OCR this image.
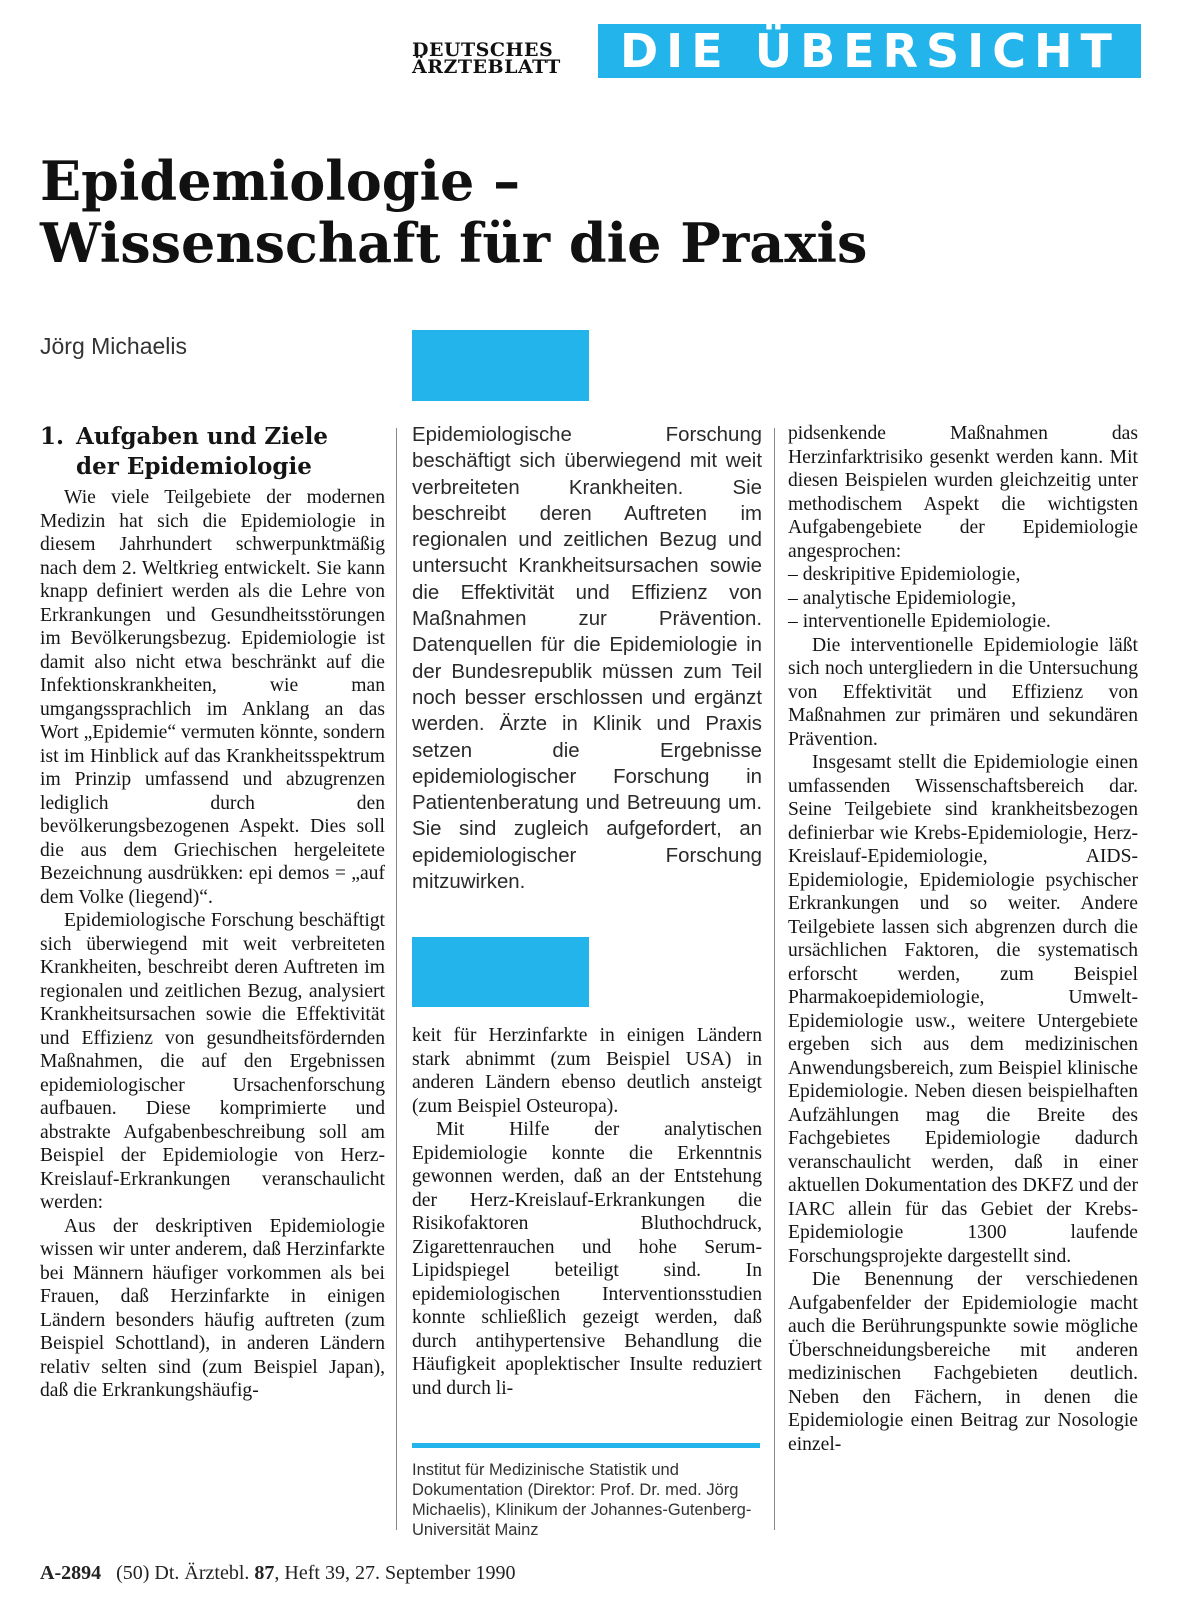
DEUTSCHES
ÄRZTEBLATT	DIE ÜBERSICHT
Epidemiologie –
Wissenschaft für die Praxis
Jörg Michaelis
1. Aufgaben und Ziele
der Epidemiologie

Wie viele Teilgebiete der modernen Medizin hat sich die Epidemiologie in diesem Jahrhundert schwerpunktmäßig nach dem 2. Weltkrieg entwickelt. Sie kann knapp definiert werden als die Lehre von Erkrankungen und Gesundheitsstörungen im Bevölkerungsbezug. Epidemiologie ist damit also nicht etwa beschränkt auf die Infektionskrankheiten, wie man umgangssprachlich im Anklang an das Wort „Epidemie“ vermuten könnte, sondern ist im Hinblick auf das Krankheitsspektrum im Prinzip umfassend und abzugrenzen lediglich durch den bevölkerungsbezogenen Aspekt. Dies soll die aus dem Griechischen hergeleitete Bezeichnung ausdrükken: epi demos = „auf dem Volke (liegend)“.

Epidemiologische Forschung beschäftigt sich überwiegend mit weit verbreiteten Krankheiten, beschreibt deren Auftreten im regionalen und zeitlichen Bezug, analysiert Krankheitsursachen sowie die Effektivität und Effizienz von gesundheitsfördernden Maßnahmen, die auf den Ergebnissen epidemiologischer Ursachenforschung aufbauen. Diese komprimierte und abstrakte Aufgabenbeschreibung soll am Beispiel der Epidemiologie von Herz-Kreislauf-Erkrankungen veranschaulicht werden:

Aus der deskriptiven Epidemiologie wissen wir unter anderem, daß Herzinfarkte bei Männern häufiger vorkommen als bei Frauen, daß Herzinfarkte in einigen Ländern besonders häufig auftreten (zum Beispiel Schottland), in anderen Ländern relativ selten sind (zum Beispiel Japan), daß die Erkrankungshäufig-

Epidemiologische Forschung beschäftigt sich überwiegend mit weit verbreiteten Krankheiten. Sie beschreibt deren Auftreten im regionalen und zeitlichen Bezug und untersucht Krankheitsursachen sowie die Effektivität und Effizienz von Maßnahmen zur Prävention. Datenquellen für die Epidemiologie in der Bundesrepublik müssen zum Teil noch besser erschlossen und ergänzt werden. Ärzte in Klinik und Praxis setzen die Ergebnisse epidemiologischer Forschung in Patientenberatung und Betreuung um. Sie sind zugleich aufgefordert, an epidemiologischer Forschung mitzuwirken.

keit für Herzinfarkte in einigen Ländern stark abnimmt (zum Beispiel USA) in anderen Ländern ebenso deutlich ansteigt (zum Beispiel Osteuropa).

Mit Hilfe der analytischen Epidemiologie konnte die Erkenntnis gewonnen werden, daß an der Entstehung der Herz-Kreislauf-Erkrankungen die Risikofaktoren Bluthochdruck, Zigarettenrauchen und hohe Serum-Lipidspiegel beteiligt sind. In epidemiologischen Interventionsstudien konnte schließlich gezeigt werden, daß durch antihypertensive Behandlung die Häufigkeit apoplektischer Insulte reduziert und durch li-

Institut für Medizinische Statistik und Dokumentation (Direktor: Prof. Dr. med. Jörg Michaelis), Klinikum der Johannes-Gutenberg-Universität Mainz

pidsenkende Maßnahmen das Herzinfarktrisiko gesenkt werden kann. Mit diesen Beispielen wurden gleichzeitig unter methodischem Aspekt die wichtigsten Aufgabengebiete der Epidemiologie angesprochen:

– deskripitive Epidemiologie,
– analytische Epidemiologie,
– interventionelle Epidemiologie.

Die interventionelle Epidemiologie läßt sich noch untergliedern in die Untersuchung von Effektivität und Effizienz von Maßnahmen zur primären und sekundären Prävention.

Insgesamt stellt die Epidemiologie einen umfassenden Wissenschaftsbereich dar. Seine Teilgebiete sind krankheitsbezogen definierbar wie Krebs-Epidemiologie, Herz-Kreislauf-Epidemiologie, AIDS-Epidemiologie, Epidemiologie psychischer Erkrankungen und so weiter. Andere Teilgebiete lassen sich abgrenzen durch die ursächlichen Faktoren, die systematisch erforscht werden, zum Beispiel Pharmakoepidemiologie, Umwelt-Epidemiologie usw., weitere Untergebiete ergeben sich aus dem medizinischen Anwendungsbereich, zum Beispiel klinische Epidemiologie. Neben diesen beispielhaften Aufzählungen mag die Breite des Fachgebietes Epidemiologie dadurch veranschaulicht werden, daß in einer aktuellen Dokumentation des DKFZ und der IARC allein für das Gebiet der Krebs-Epidemiologie 1300 laufende Forschungsprojekte dargestellt sind.

Die Benennung der verschiedenen Aufgabenfelder der Epidemiologie macht auch die Berührungspunkte sowie mögliche Überschneidungsbereiche mit anderen medizinischen Fachgebieten deutlich. Neben den Fächern, in denen die Epidemiologie einen Beitrag zur Nosologie einzel-

A-2894 (50) Dt. Ärztebl. 87, Heft 39, 27. September 1990
